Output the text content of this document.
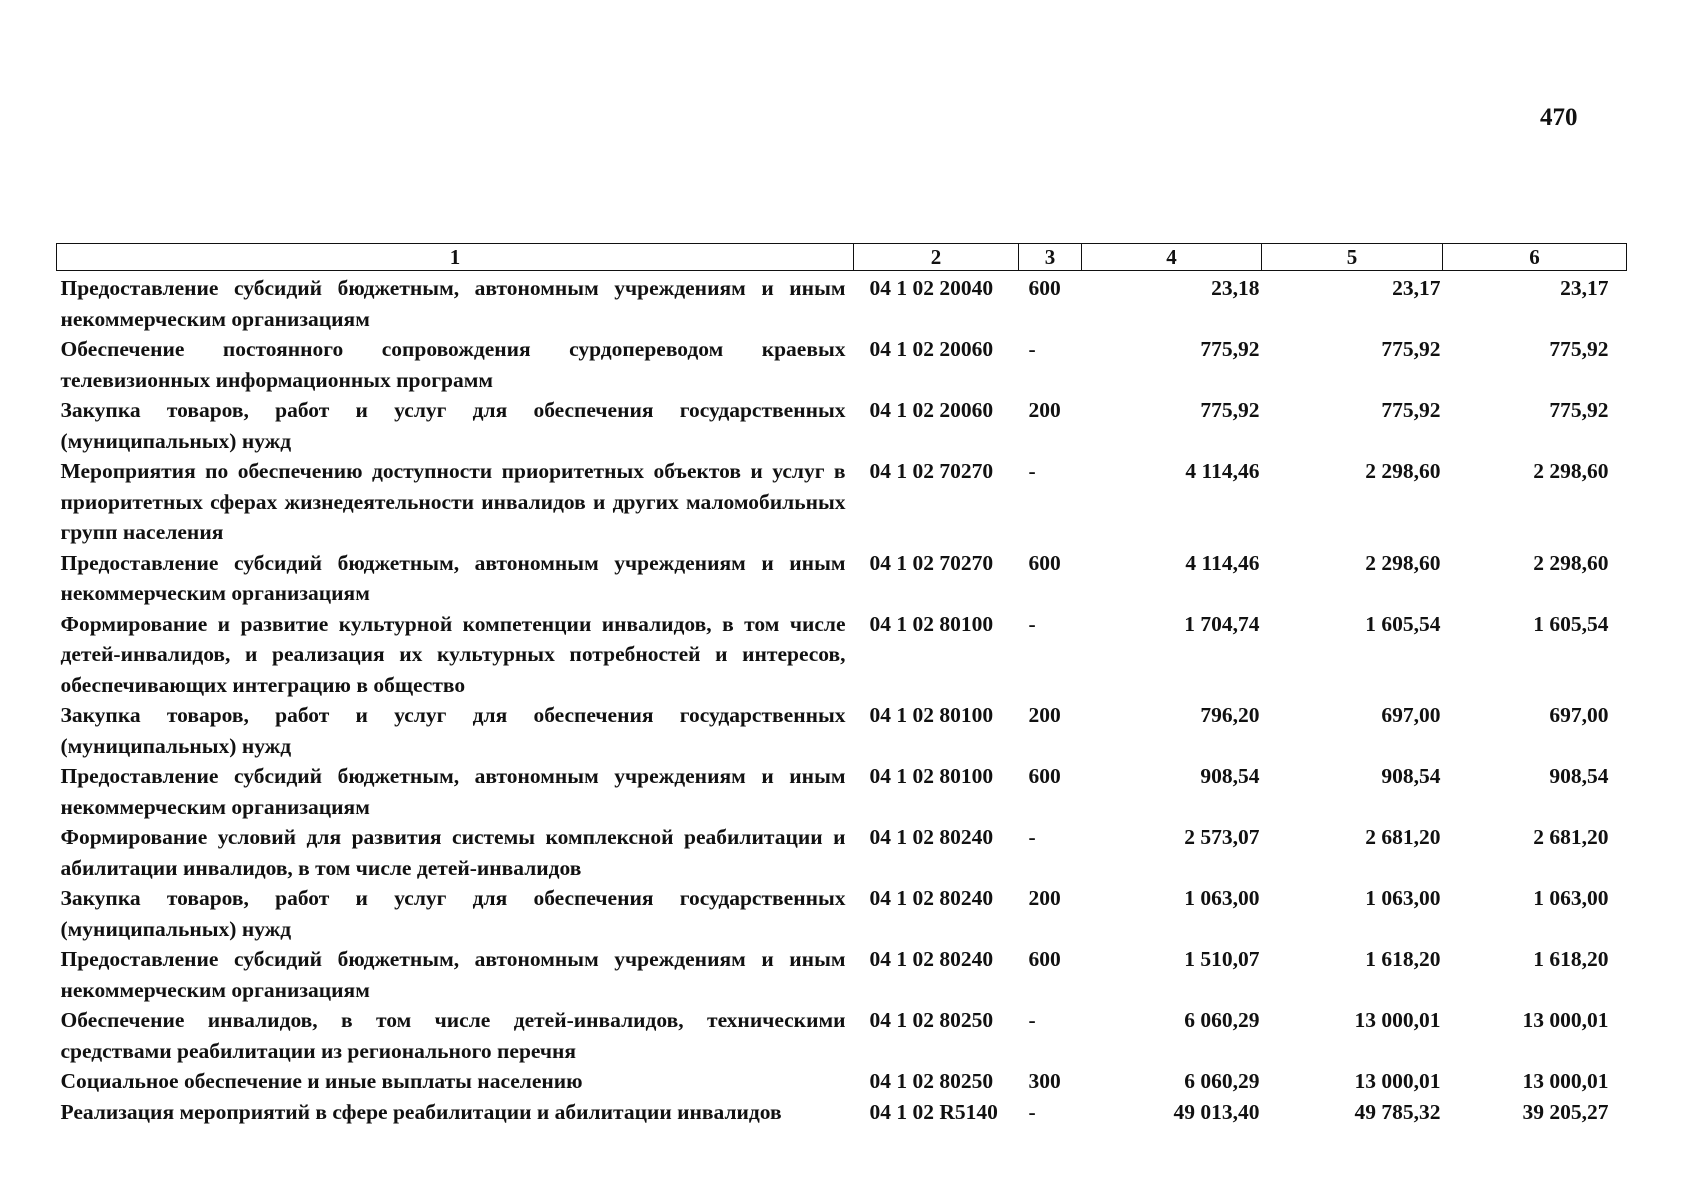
470
1	2	3	4	5	6
Предоставление субсидий бюджетным, автономным учреждениям и иным некоммерческим организациям	04 1 02 20040	600	23,18	23,17	23,17
Обеспечение постоянного сопровождения сурдопереводом краевых телевизионных информационных программ	04 1 02 20060	-	775,92	775,92	775,92
Закупка товаров, работ и услуг для обеспечения государственных (муниципальных) нужд	04 1 02 20060	200	775,92	775,92	775,92
Мероприятия по обеспечению доступности приоритетных объектов и услуг в приоритетных сферах жизнедеятельности инвалидов и других маломобильных групп населения	04 1 02 70270	-	4 114,46	2 298,60	2 298,60
Предоставление субсидий бюджетным, автономным учреждениям и иным некоммерческим организациям	04 1 02 70270	600	4 114,46	2 298,60	2 298,60
Формирование и развитие культурной компетенции инвалидов, в том числе детей-инвалидов, и реализация их культурных потребностей и интересов, обеспечивающих интеграцию в общество	04 1 02 80100	-	1 704,74	1 605,54	1 605,54
Закупка товаров, работ и услуг для обеспечения государственных (муниципальных) нужд	04 1 02 80100	200	796,20	697,00	697,00
Предоставление субсидий бюджетным, автономным учреждениям и иным некоммерческим организациям	04 1 02 80100	600	908,54	908,54	908,54
Формирование условий для развития системы комплексной реабилитации и абилитации инвалидов, в том числе детей-инвалидов	04 1 02 80240	-	2 573,07	2 681,20	2 681,20
Закупка товаров, работ и услуг для обеспечения государственных (муниципальных) нужд	04 1 02 80240	200	1 063,00	1 063,00	1 063,00
Предоставление субсидий бюджетным, автономным учреждениям и иным некоммерческим организациям	04 1 02 80240	600	1 510,07	1 618,20	1 618,20
Обеспечение инвалидов, в том числе детей-инвалидов, техническими средствами реабилитации из регионального перечня	04 1 02 80250	-	6 060,29	13 000,01	13 000,01
Социальное обеспечение и иные выплаты населению	04 1 02 80250	300	6 060,29	13 000,01	13 000,01
Реализация мероприятий в сфере реабилитации и абилитации инвалидов	04 1 02 R5140	-	49 013,40	49 785,32	39 205,27
